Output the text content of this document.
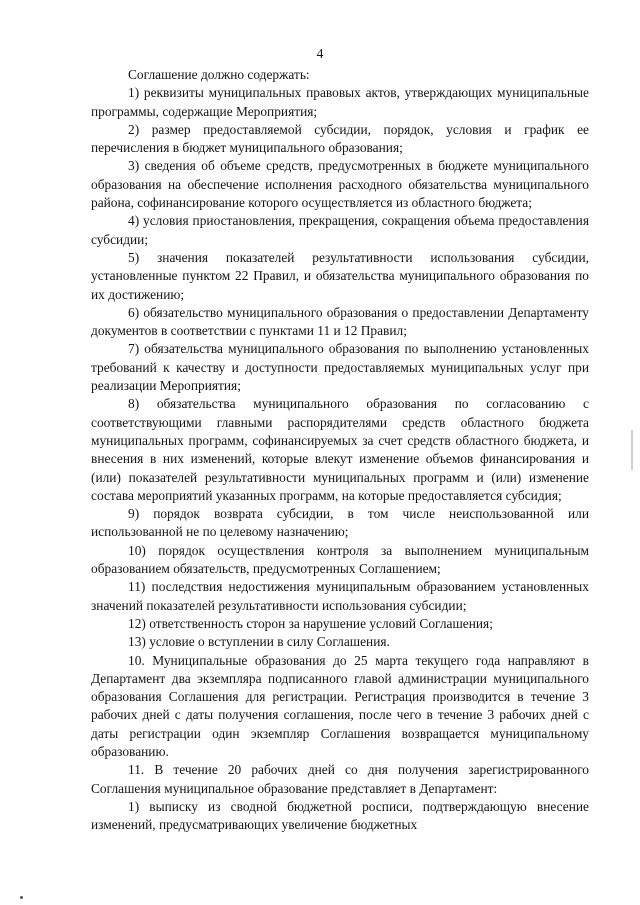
4

Соглашение должно содержать:

1) реквизиты муниципальных правовых актов, утверждающих муниципальные программы, содержащие Мероприятия;

2) размер предоставляемой субсидии, порядок, условия и график ее перечисления в бюджет муниципального образования;

3) сведения об объеме средств, предусмотренных в бюджете муниципального образования на обеспечение исполнения расходного обязательства муниципального района, софинансирование которого осуществляется из областного бюджета;

4) условия приостановления, прекращения, сокращения объема предоставления субсидии;

5) значения показателей результативности использования субсидии, установленные пунктом 22 Правил, и обязательства муниципального образования по их достижению;

6) обязательство муниципального образования о предоставлении Департаменту документов в соответствии с пунктами 11 и 12 Правил;

7) обязательства муниципального образования по выполнению установленных требований к качеству и доступности предоставляемых муниципальных услуг при реализации Мероприятия;

8) обязательства муниципального образования по согласованию с соответствующими главными распорядителями средств областного бюджета муниципальных программ, софинансируемых за счет средств областного бюджета, и внесения в них изменений, которые влекут изменение объемов финансирования и (или) показателей результативности муниципальных программ и (или) изменение состава мероприятий указанных программ, на которые предоставляется субсидия;

9) порядок возврата субсидии, в том числе неиспользованной или использованной не по целевому назначению;

10) порядок осуществления контроля за выполнением муниципальным образованием обязательств, предусмотренных Соглашением;

11) последствия недостижения муниципальным образованием установленных значений показателей результативности использования субсидии;

12) ответственность сторон за нарушение условий Соглашения;

13) условие о вступлении в силу Соглашения.

10. Муниципальные образования до 25 марта текущего года направляют в Департамент два экземпляра подписанного главой администрации муниципального образования Соглашения для регистрации. Регистрация производится в течение 3 рабочих дней с даты получения соглашения, после чего в течение 3 рабочих дней с даты регистрации один экземпляр Соглашения возвращается муниципальному образованию.

11. В течение 20 рабочих дней со дня получения зарегистрированного Соглашения муниципальное образование представляет в Департамент:

1) выписку из сводной бюджетной росписи, подтверждающую внесение изменений, предусматривающих увеличение бюджетных
